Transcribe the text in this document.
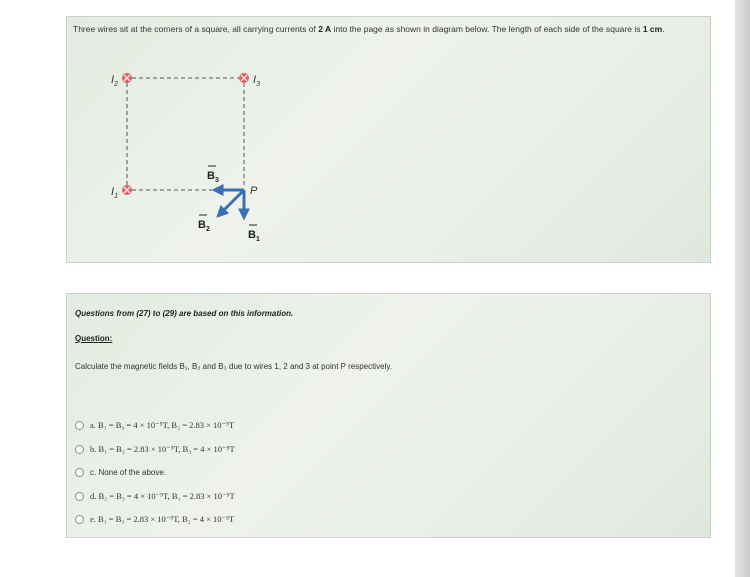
Three wires sit at the corners of a square, all carrying currents of 2 A into the page as shown in diagram below. The length of each side of the square is 1 cm.
$I_2$	$I_3$
$I_1$	P
$B_3$
$B_2$	$B_1$
Questions from (27) to (29) are based on this information.
Question:
Calculate the magnetic fields B₁, B₂ and B₃ due to wires 1, 2 and 3 at point P respectively.
a. B₁ = B₃ = 4 × 10⁻⁵T, B₂ = 2.83 × 10⁻⁵T
b. B₁ = B₂ = 2.83 × 10⁻⁵T, B₃ = 4 × 10⁻⁵T
c. None of the above.
d. B₂ = B₃ = 4 × 10⁻⁵T, B₁ = 2.83 × 10⁻⁵T
e. B₁ = B₃ = 2.83 × 10⁻⁵T, B₂ = 4 × 10⁻⁵T
